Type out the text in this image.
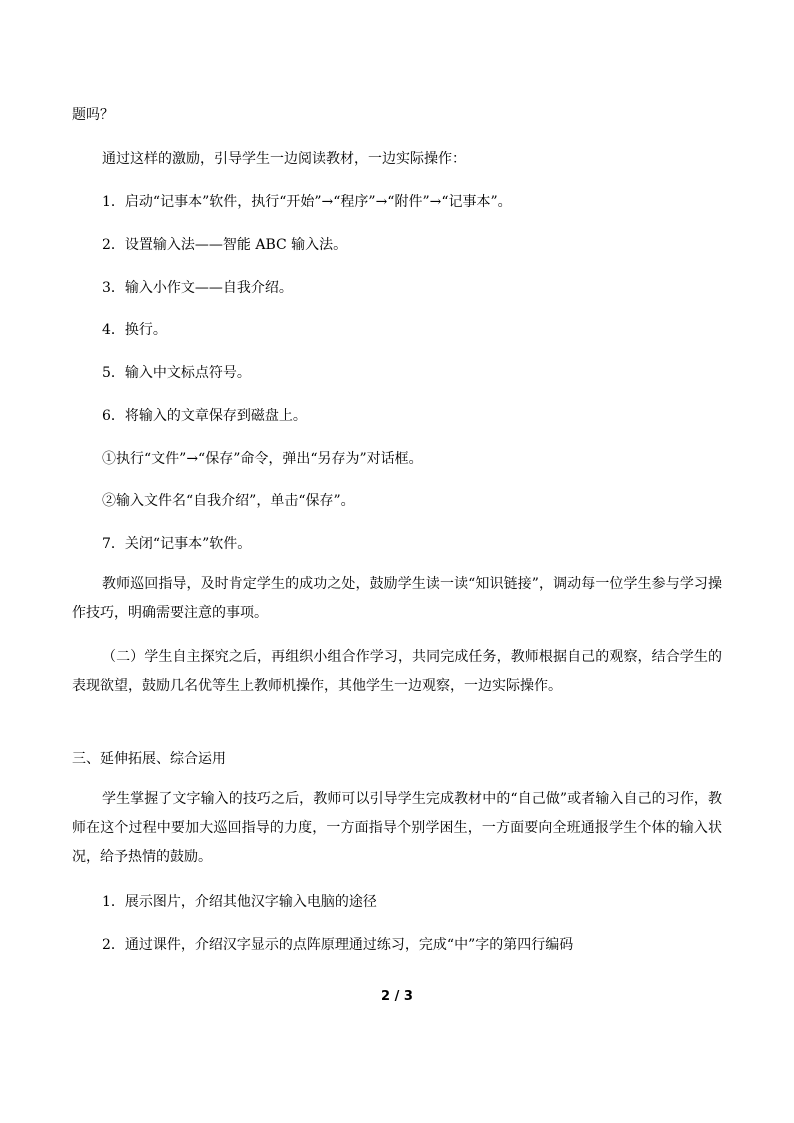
题吗？
通过这样的激励，引导学生一边阅读教材，一边实际操作：
1．启动“记事本”软件，执行“开始”→“程序”→“附件”→“记事本”。
2．设置输入法——智能 ABC 输入法。
3．输入小作文——自我介绍。
4．换行。
5．输入中文标点符号。
6．将输入的文章保存到磁盘上。
①执行“文件”→“保存”命令，弹出“另存为”对话框。
②输入文件名“自我介绍”，单击“保存”。
7．关闭“记事本”软件。
教师巡回指导，及时肯定学生的成功之处，鼓励学生读一读“知识链接”，调动每一位学生参与学习操作技巧，明确需要注意的事项。
（二）学生自主探究之后，再组织小组合作学习，共同完成任务，教师根据自己的观察，结合学生的表现欲望，鼓励几名优等生上教师机操作，其他学生一边观察，一边实际操作。
三、延伸拓展、综合运用
学生掌握了文字输入的技巧之后，教师可以引导学生完成教材中的“自己做”或者输入自己的习作，教师在这个过程中要加大巡回指导的力度，一方面指导个别学困生，一方面要向全班通报学生个体的输入状况，给予热情的鼓励。
1．展示图片，介绍其他汉字输入电脑的途径
2．通过课件，介绍汉字显示的点阵原理通过练习，完成“中”字的第四行编码
2 / 3
